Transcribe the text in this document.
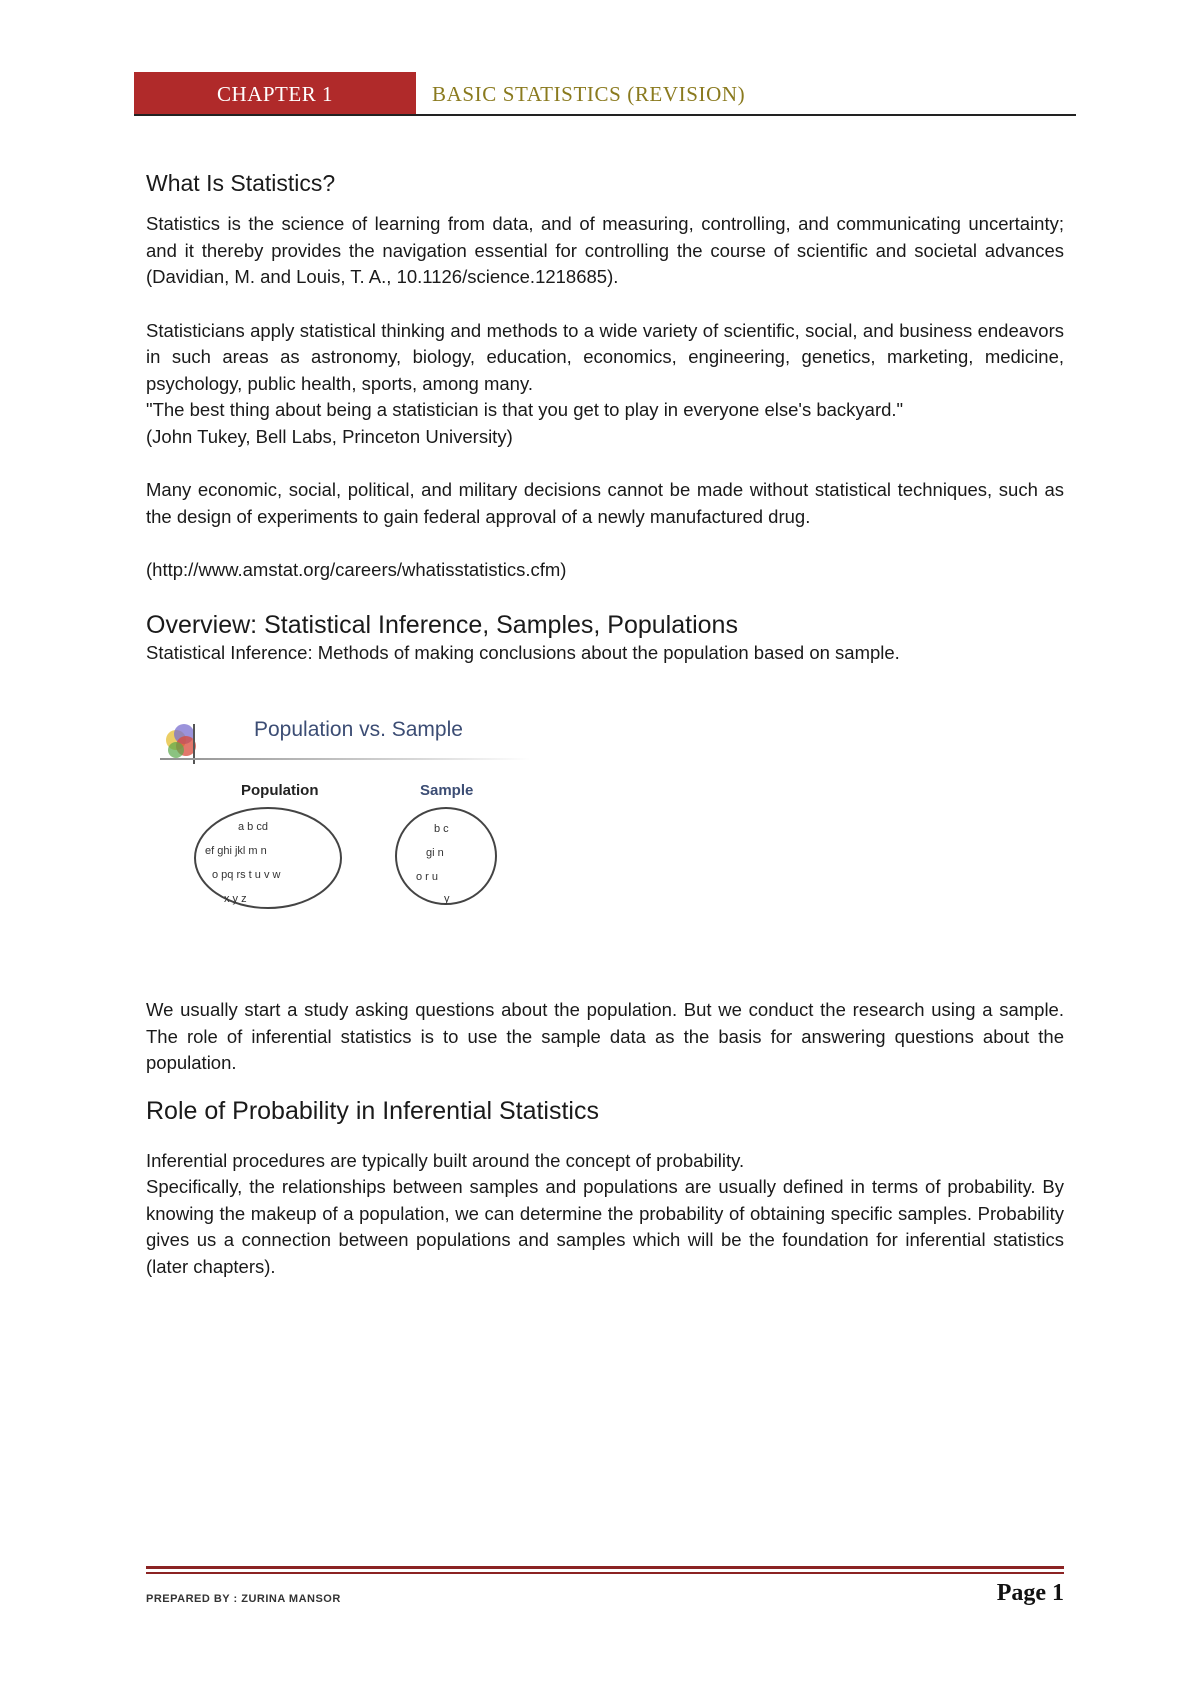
CHAPTER 1	BASIC STATISTICS (REVISION)
What Is Statistics?

Statistics is the science of learning from data, and of measuring, controlling, and communicating uncertainty; and it thereby provides the navigation essential for controlling the course of scientific and societal advances (Davidian, M. and Louis, T. A., 10.1126/science.1218685).

Statisticians apply statistical thinking and methods to a wide variety of scientific, social, and business endeavors in such areas as astronomy, biology, education, economics, engineering, genetics, marketing, medicine, psychology, public health, sports, among many.

"The best thing about being a statistician is that you get to play in everyone else's backyard."

(John Tukey, Bell Labs, Princeton University)

Many economic, social, political, and military decisions cannot be made without statistical techniques, such as the design of experiments to gain federal approval of a newly manufactured drug.

(http://www.amstat.org/careers/whatisstatistics.cfm)

Overview: Statistical Inference, Samples, Populations

Statistical Inference: Methods of making conclusions about the population based on sample.

a b cd
ef ghi jkl m n
o pq rs t u v w
x y z
b c
gi n
o r u
y
Population vs. Sample
Population	Sample

We usually start a study asking questions about the population. But we conduct the research using a sample. The role of inferential statistics is to use the sample data as the basis for answering questions about the population.

Role of Probability in Inferential Statistics

Inferential procedures are typically built around the concept of probability.

Specifically, the relationships between samples and populations are usually defined in terms of probability. By knowing the makeup of a population, we can determine the probability of obtaining specific samples. Probability gives us a connection between populations and samples which will be the foundation for inferential statistics (later chapters).

PREPARED BY : ZURINA MANSOR	Page 1
